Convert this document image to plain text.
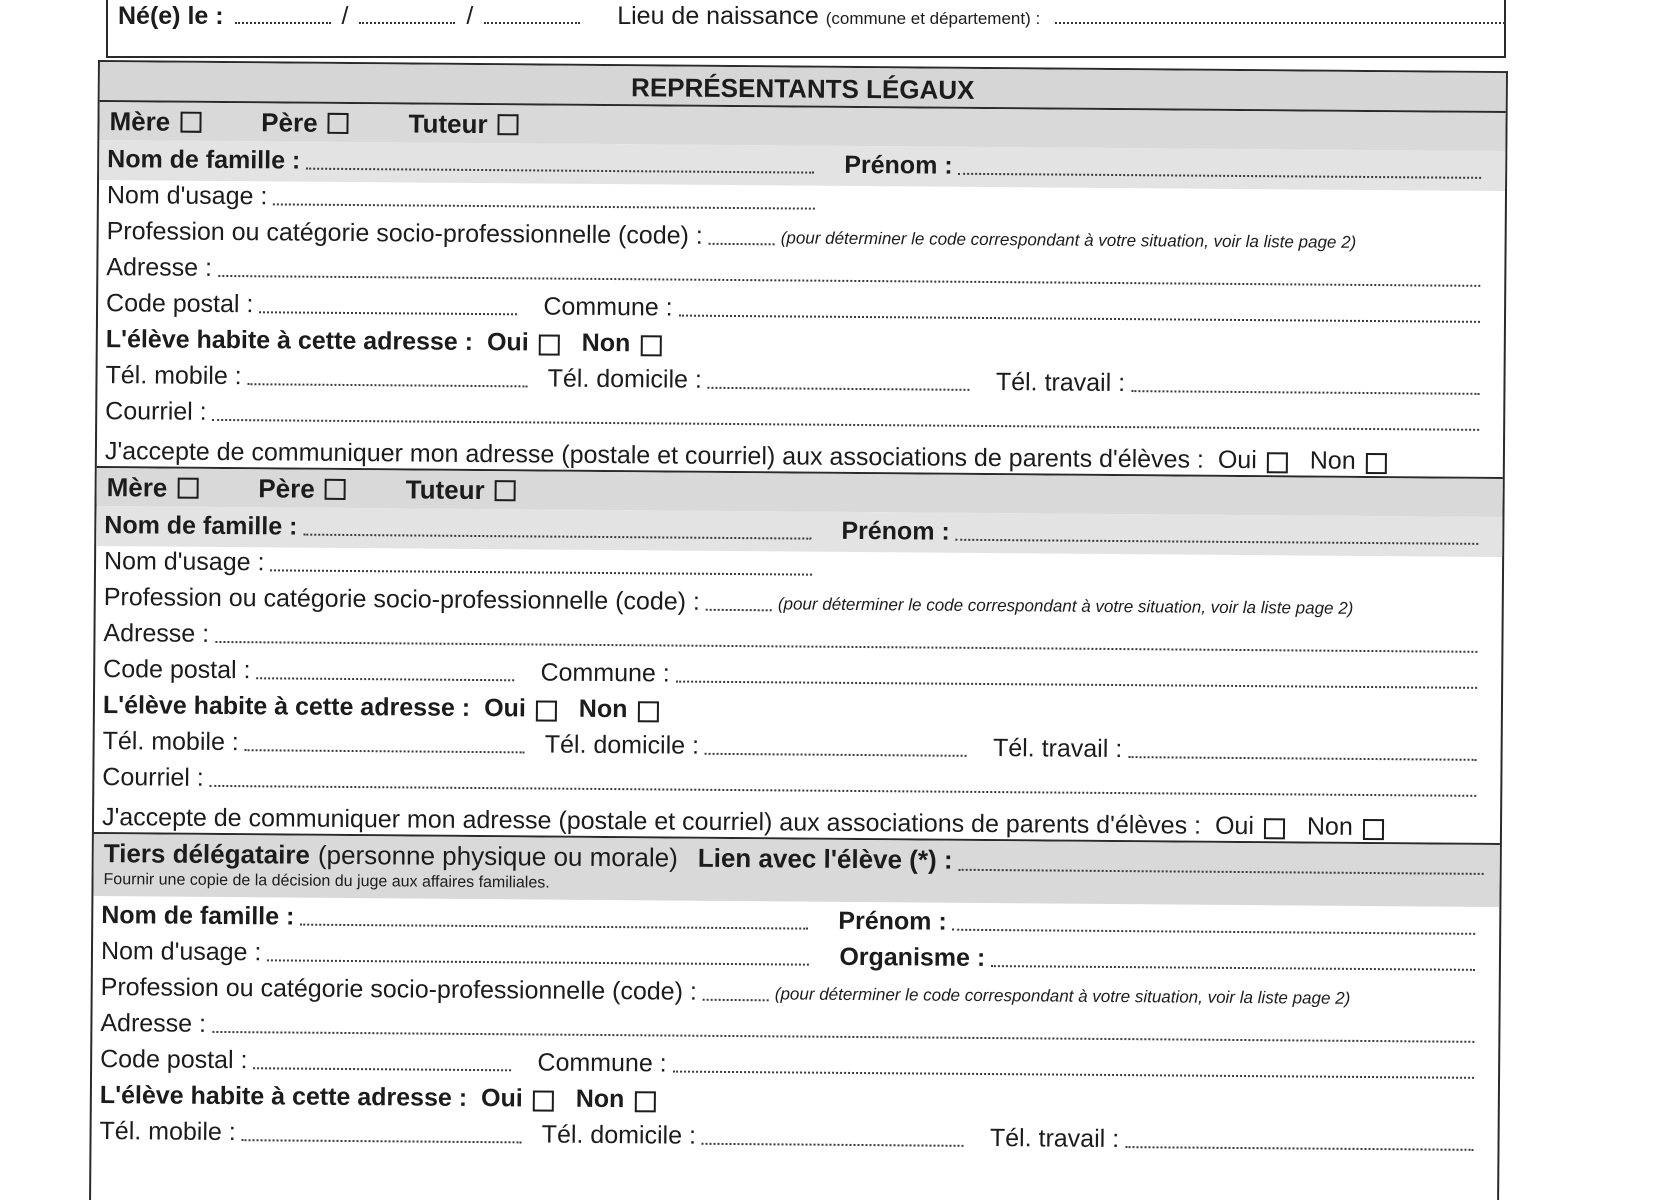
Né(e) le :	/	/	Lieu de naissance (commune et département) :
REPRÉSENTANTS LÉGAUX
Mère	Père	Tuteur
Nom de famille :	Prénom :
Nom d'usage :
Profession ou catégorie socio-professionnelle (code) :	(pour déterminer le code correspondant à votre situation, voir la liste page 2)
Adresse :
Code postal :	Commune :
L'élève habite à cette adresse : Oui Non
Tél. mobile :	Tél. domicile :	Tél. travail :
Courriel :
J'accepte de communiquer mon adresse (postale et courriel) aux associations de parents d'élèves : Oui Non
Mère	Père	Tuteur
Nom de famille :	Prénom :
Nom d'usage :
Profession ou catégorie socio-professionnelle (code) :	(pour déterminer le code correspondant à votre situation, voir la liste page 2)
Adresse :
Code postal :	Commune :
L'élève habite à cette adresse : Oui Non
Tél. mobile :	Tél. domicile :	Tél. travail :
Courriel :
J'accepte de communiquer mon adresse (postale et courriel) aux associations de parents d'élèves : Oui Non
Tiers délégataire (personne physique ou morale) Lien avec l'élève (*) :
Fournir une copie de la décision du juge aux affaires familiales.
Nom de famille :	Prénom :
Nom d'usage :	Organisme :
Profession ou catégorie socio-professionnelle (code) :	(pour déterminer le code correspondant à votre situation, voir la liste page 2)
Adresse :
Code postal :	Commune :
L'élève habite à cette adresse : Oui Non
Tél. mobile :	Tél. domicile :	Tél. travail :
